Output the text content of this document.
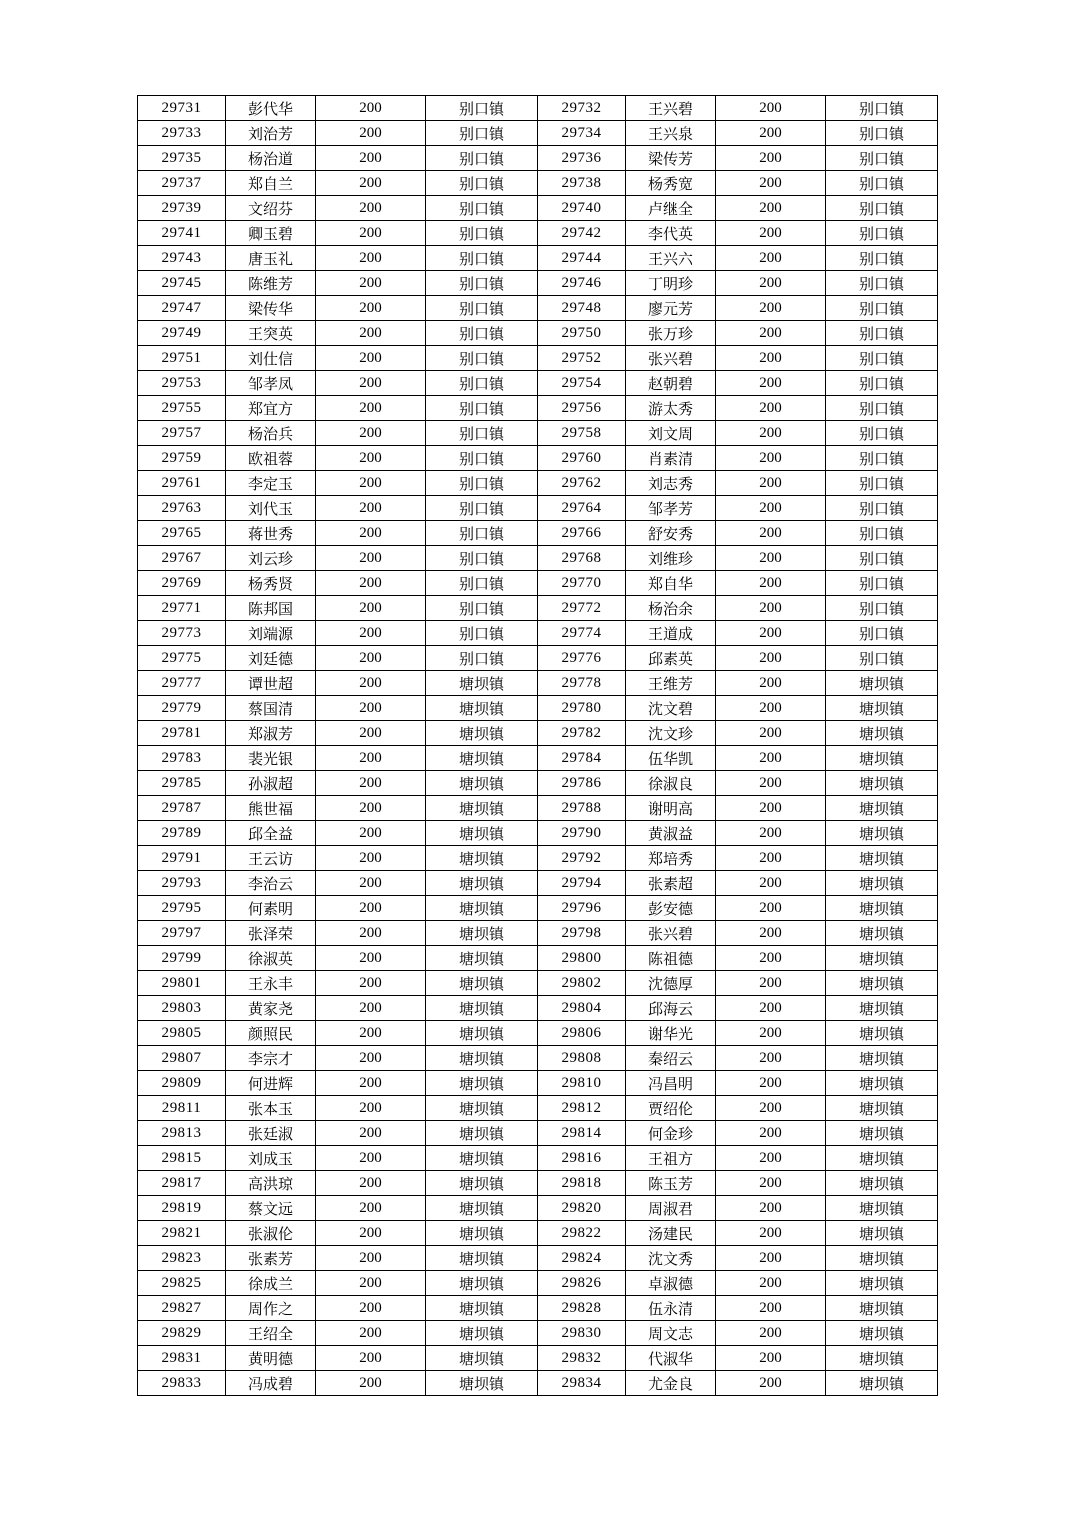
29731	彭代华	200	别口镇	29732	王兴碧	200	别口镇
29733	刘治芳	200	别口镇	29734	王兴泉	200	别口镇
29735	杨治道	200	别口镇	29736	梁传芳	200	别口镇
29737	郑自兰	200	别口镇	29738	杨秀宽	200	别口镇
29739	文绍芬	200	别口镇	29740	卢继全	200	别口镇
29741	卿玉碧	200	别口镇	29742	李代英	200	别口镇
29743	唐玉礼	200	别口镇	29744	王兴六	200	别口镇
29745	陈维芳	200	别口镇	29746	丁明珍	200	别口镇
29747	梁传华	200	别口镇	29748	廖元芳	200	别口镇
29749	王突英	200	别口镇	29750	张万珍	200	别口镇
29751	刘仕信	200	别口镇	29752	张兴碧	200	别口镇
29753	邹孝凤	200	别口镇	29754	赵朝碧	200	别口镇
29755	郑宜方	200	别口镇	29756	游太秀	200	别口镇
29757	杨治兵	200	别口镇	29758	刘文周	200	别口镇
29759	欧祖蓉	200	别口镇	29760	肖素清	200	别口镇
29761	李定玉	200	别口镇	29762	刘志秀	200	别口镇
29763	刘代玉	200	别口镇	29764	邹孝芳	200	别口镇
29765	蒋世秀	200	别口镇	29766	舒安秀	200	别口镇
29767	刘云珍	200	别口镇	29768	刘维珍	200	别口镇
29769	杨秀贤	200	别口镇	29770	郑自华	200	别口镇
29771	陈邦国	200	别口镇	29772	杨治余	200	别口镇
29773	刘端源	200	别口镇	29774	王道成	200	别口镇
29775	刘廷德	200	别口镇	29776	邱素英	200	别口镇
29777	谭世超	200	塘坝镇	29778	王维芳	200	塘坝镇
29779	蔡国清	200	塘坝镇	29780	沈文碧	200	塘坝镇
29781	郑淑芳	200	塘坝镇	29782	沈文珍	200	塘坝镇
29783	裴光银	200	塘坝镇	29784	伍华凯	200	塘坝镇
29785	孙淑超	200	塘坝镇	29786	徐淑良	200	塘坝镇
29787	熊世福	200	塘坝镇	29788	谢明高	200	塘坝镇
29789	邱全益	200	塘坝镇	29790	黄淑益	200	塘坝镇
29791	王云访	200	塘坝镇	29792	郑培秀	200	塘坝镇
29793	李治云	200	塘坝镇	29794	张素超	200	塘坝镇
29795	何素明	200	塘坝镇	29796	彭安德	200	塘坝镇
29797	张泽荣	200	塘坝镇	29798	张兴碧	200	塘坝镇
29799	徐淑英	200	塘坝镇	29800	陈祖德	200	塘坝镇
29801	王永丰	200	塘坝镇	29802	沈德厚	200	塘坝镇
29803	黄家尧	200	塘坝镇	29804	邱海云	200	塘坝镇
29805	颜照民	200	塘坝镇	29806	谢华光	200	塘坝镇
29807	李宗才	200	塘坝镇	29808	秦绍云	200	塘坝镇
29809	何进辉	200	塘坝镇	29810	冯昌明	200	塘坝镇
29811	张本玉	200	塘坝镇	29812	贾绍伦	200	塘坝镇
29813	张廷淑	200	塘坝镇	29814	何金珍	200	塘坝镇
29815	刘成玉	200	塘坝镇	29816	王祖方	200	塘坝镇
29817	高洪琼	200	塘坝镇	29818	陈玉芳	200	塘坝镇
29819	蔡文远	200	塘坝镇	29820	周淑君	200	塘坝镇
29821	张淑伦	200	塘坝镇	29822	汤建民	200	塘坝镇
29823	张素芳	200	塘坝镇	29824	沈文秀	200	塘坝镇
29825	徐成兰	200	塘坝镇	29826	卓淑德	200	塘坝镇
29827	周作之	200	塘坝镇	29828	伍永清	200	塘坝镇
29829	王绍全	200	塘坝镇	29830	周文志	200	塘坝镇
29831	黄明德	200	塘坝镇	29832	代淑华	200	塘坝镇
29833	冯成碧	200	塘坝镇	29834	尤金良	200	塘坝镇
